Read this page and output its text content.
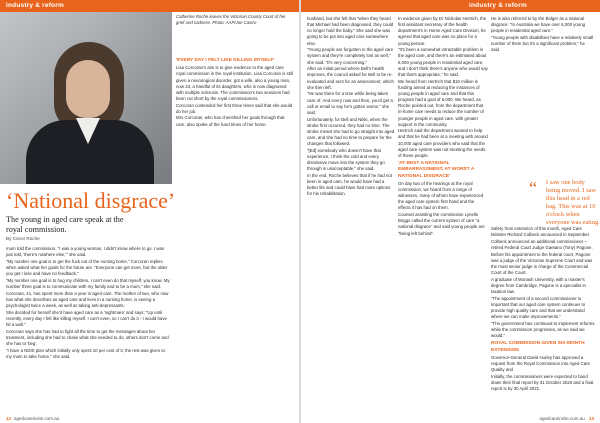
industry & reform
Catherine Roche leaves the Victorian County Court of her grief and sadness. Photo: AAP/Joe Castro
'EVERY DAY I FELT LIKE KILLING MYSELF'

Lisa Corcoran's aim is to give evidence to the aged care royal commission in the royal institution. Lisa Corcoran is still given a neurological disorder, got a wife, also a young man, now 33, a handful of its daughters, who is now diagnosed with multiple sclerosis. The commission's two sessions had been cut short by the royal commissioners.

Corcoran contended her first three times said that she would do her job.

Mrs Corcoran, who has cherished her goals through that care, also spoke of the hard times of her home.

‘National disgrace’
The young in aged care speak at the royal commission.
By Conor Roche

mum told the commission. "I was a young woman, I didn't know where to go. I was just told, 'there's nowhere else,'" she said.

"My number one goal is to get the fuck out of the nursing home," Corcoran replies when asked what her goals for the future are. "Everyone can get more, but the older you get I lose and have no feedback."

"My number one goal is to hug my children, I can't even do that myself, you know. My number three goal is to communicate with my family and to be a mum," she said.

Corcoran, 41, has spent more than a year in aged care. The mother of two, who now has what she describes as aged care and lives in a nursing home, is seeing a psychologist twice a week, as well as taking anti-depressants.

She decided for herself she'd have aged care as a 'nightmare' and says: "Up until recently, every day I felt like killing myself. I can't even, so I can't do it - I would have hit a wall."

Corcoran says she has had to fight all the time to get the messages about her treatment, including she had to chase what she needed to do; others don't come and she has to 'beg'.

"I have a NDIS plan which initially only spent 10 per cent of it; the rest was given to my mum to take home," she said.

12 agedcareinsite.com.au
industry & reform

husband, but she felt that "when they heard that Michael had been diagnosed, they could no longer hold the baby." She said she was going to be put into aged care somewhere else.

"Young people are forgotten in the aged care system and they're completely lost as well," she said. "It's very concerning."

After an initial period where Bell's health improves, the council asked for Bell to be re-evaluated and sent for an assessment, which she then left.

"He was there for a time while being taken care of. And every now and then, you'd get a call or email to say he's gotten worse," she said.

Unfortunately, for Bell and Nikki, when the stroke first occurred, they had no time. The stroke meant she had to go straight into aged care, and she had no time to prepare for the changes that followed.

"[Ed] somebody who doesn't have that experience, I think the cold and every dismissive move into the system they go through is unacceptable," she said.

In the end, Roche believes that if he had not been in aged care, he would have had a better life and could have had more options for his rehabilitation.

In evidence given by Dr Nicholas Hertrich, the first assistant secretary of the health department's in Home Aged Care Division, he agreed that aged care was no place for a young person.

"It's been a somewhat intractable problem in the aged care, and there's an estimated about 6,000 young people in residential aged care, and I don't think there's anyone who would say that that's appropriate," he said.

We heard from Hertrich that $10 million is funding aimed at reducing the instances of young people in aged care and that this program had a goal of 6,000. We heard, as Roche pointed out, from the department that in-home care needs to reduce the number of younger people in aged care, with greater support in the community.

Hertrich said the department wanted to help and that he had been at a meeting with around 10,000 aged care providers who said that the aged care system was not meeting the needs of these people.

'AT BEST A NATIONAL EMBARRASSMENT, AT WORST A NATIONAL DISGRACE'

On day two of the hearings at the royal commission, we heard from a range of witnesses, many of whom have experienced the aged care system first hand and the effects it has had on them.

Counsel assisting the commission Lynelle Briggs called the current system of care "a national disgrace" and said young people are "being left behind".

He is also referred to by the Bolger as a national disgrace: "In Australia we have over 6,000 young people in residential aged care."

"Young people with disabilities have a relatively small number of them but it's a significant problem," he said.

“ I saw one body being moved. I saw this head in a red bag. This was at 10 o'clock when everyone was eating.

Safety from extension of this month, Aged Care Minister Richard Colbeck announced in September.

Colbeck announced an additional commissioner – retired Federal Court Judge Gaetano (Tony) Pagone.

Before his appointment to the federal court, Pagone was a judge of the Victorian Supreme Court and was the most senior judge in charge of the Commercial Court of the Court.

A graduate of Monash University, with a master's degree from Cambridge, Pagone is a specialist in taxation law.

"The appointment of a second commissioner is important that our aged care system continues to provide high quality care and that we understand where we can make improvements."

"The government has continued to implement reforms while the commission progresses, as we said we would."

ROYAL COMMISSION GIVEN SIX-MONTH EXTENSION

Governor-General David Hurley has approved a request from the Royal Commission into Aged Care Quality and

Initially, the commissioners were expected to hand down their final report by 31 October 2020 and a final report is by 30 April 2021.

agedcareinsite.com.au 13
